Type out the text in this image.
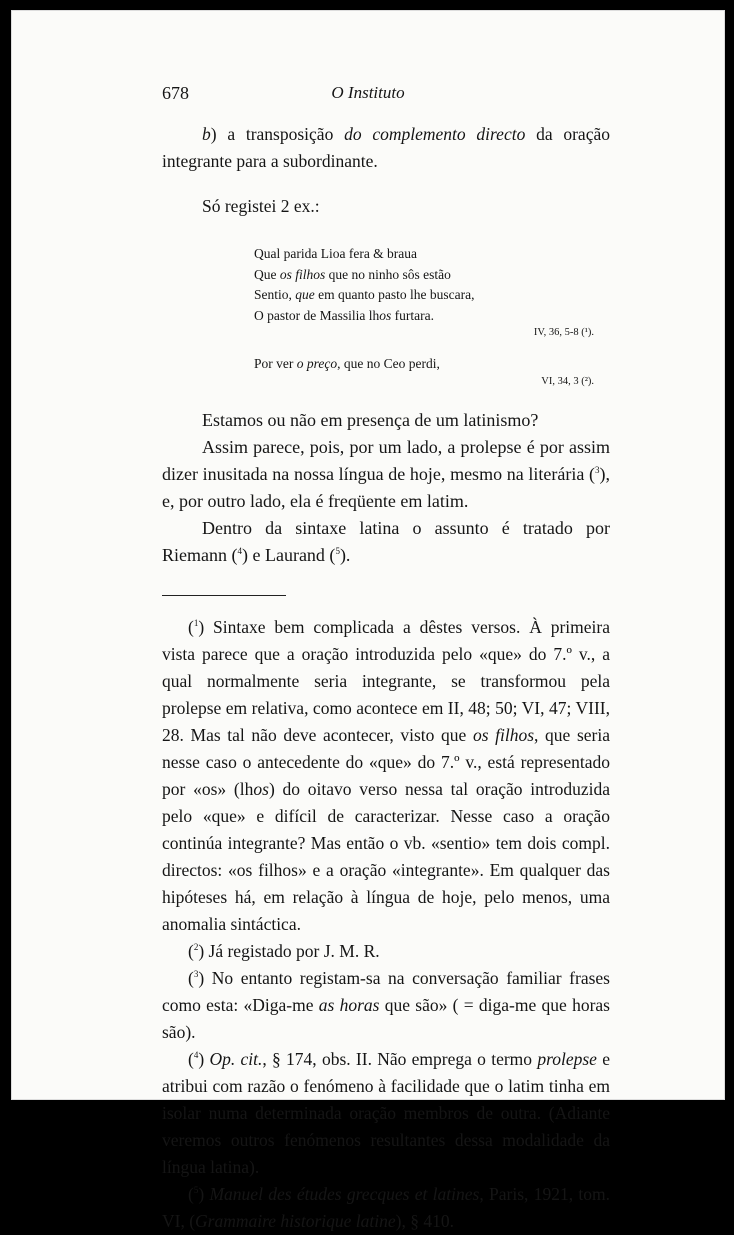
678	O Instituto

b) a transposição do complemento directo da oração integrante para a subordinante.

Só registei 2 ex.:

Qual parida Lioa fera & braua
Que os filhos que no ninho sôs estão
Sentio, que em quanto pasto lhe buscara,
O pastor de Massilia lhos furtara.
IV, 36, 5-8 (¹).
Por ver o preço, que no Ceo perdi,
VI, 34, 3 (²).

Estamos ou não em presença de um latinismo?

Assim parece, pois, por um lado, a prolepse é por assim dizer inusitada na nossa língua de hoje, mesmo na literária ($^3$), e, por outro lado, ela é freqüente em latim.

Dentro da sintaxe latina o assunto é tratado por Riemann ($^4$) e Laurand ($^5$).

($^1$) Sintaxe bem complicada a dêstes versos. À primeira vista parece que a oração introduzida pelo «que» do 7.º v., a qual normalmente seria integrante, se transformou pela prolepse em relativa, como acontece em II, 48; 50; VI, 47; VIII, 28. Mas tal não deve acontecer, visto que os filhos, que seria nesse caso o antecedente do «que» do 7.º v., está representado por «os» (lhos) do oitavo verso nessa tal oração introduzida pelo «que» e difícil de caracterizar. Nesse caso a oração continúa integrante? Mas então o vb. «sentio» tem dois compl. directos: «os filhos» e a oração «integrante». Em qualquer das hipóteses há, em relação à língua de hoje, pelo menos, uma anomalia sintáctica.

($^2$) Já registado por J. M. R.

($^3$) No entanto registam-sa na conversação familiar frases como esta: «Diga-me as horas que são» ( = diga-me que horas são).

($^4$) Op. cit., § 174, obs. II. Não emprega o termo prolepse e atribui com razão o fenómeno à facilidade que o latim tinha em isolar numa determinada oração membros de outra. (Adiante veremos outros fenómenos resultantes dessa modalidade da língua latina).

($^5$) Manuel des études grecques et latines, Paris, 1921, tom. VI, (Grammaire historique latine), § 410.
